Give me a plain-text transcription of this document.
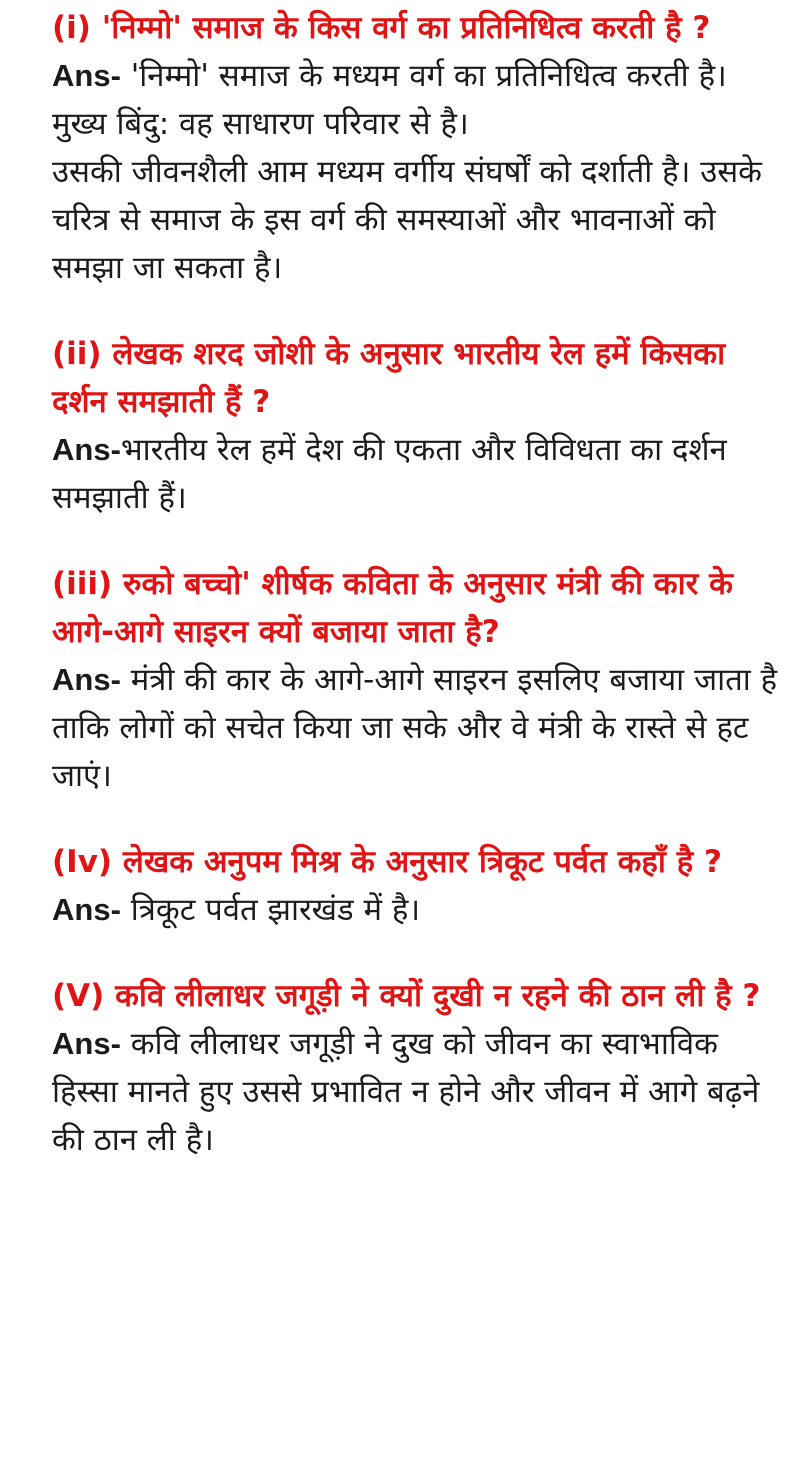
(i) 'निम्मो' समाज के किस वर्ग का प्रतिनिधित्व करती है ?

Ans- 'निम्मो' समाज के मध्यम वर्ग का प्रतिनिधित्व करती है।

मुख्य बिंदु: वह साधारण परिवार से है।

उसकी जीवनशैली आम मध्यम वर्गीय संघर्षों को दर्शाती है। उसके चरित्र से समाज के इस वर्ग की समस्याओं और भावनाओं को समझा जा सकता है।

(ii) लेखक शरद जोशी के अनुसार भारतीय रेल हमें किसका दर्शन समझाती हैं ?

Ans-भारतीय रेल हमें देश की एकता और विविधता का दर्शन समझाती हैं।

(iii) रुको बच्चो' शीर्षक कविता के अनुसार मंत्री की कार के आगे-आगे साइरन क्यों बजाया जाता है?

Ans- मंत्री की कार के आगे-आगे साइरन इसलिए बजाया जाता है ताकि लोगों को सचेत किया जा सके और वे मंत्री के रास्ते से हट जाएं।

(Iv) लेखक अनुपम मिश्र के अनुसार त्रिकूट पर्वत कहाँ है ?

Ans- त्रिकूट पर्वत झारखंड में है।

(V) कवि लीलाधर जगूड़ी ने क्यों दुखी न रहने की ठान ली है ?

Ans- कवि लीलाधर जगूड़ी ने दुख को जीवन का स्वाभाविक हिस्सा मानते हुए उससे प्रभावित न होने और जीवन में आगे बढ़ने की ठान ली है।
